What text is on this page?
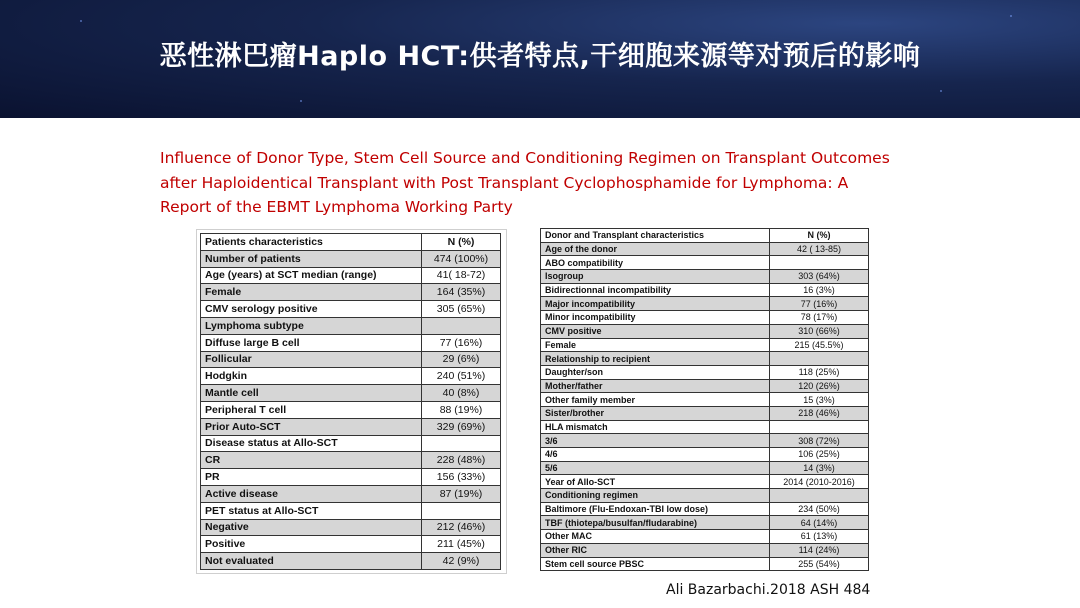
恶性淋巴瘤Haplo HCT:供者特点,干细胞来源等对预后的影响
Influence of Donor Type, Stem Cell Source and Conditioning Regimen on Transplant Outcomes
after Haploidentical Transplant with Post Transplant Cyclophosphamide for Lymphoma: A
Report of the EBMT Lymphoma Working Party
Patients characteristics	N (%)
Number of patients	474 (100%)
Age (years) at SCT median (range)	41( 18-72)
Female	164 (35%)
CMV serology positive	305 (65%)
Lymphoma subtype	
Diffuse large B cell	77 (16%)
Follicular	29 (6%)
Hodgkin	240 (51%)
Mantle cell	40 (8%)
Peripheral T cell	88 (19%)
Prior Auto-SCT	329 (69%)
Disease status at Allo-SCT	
CR	228 (48%)
PR	156 (33%)
Active disease	87 (19%)
PET status at Allo-SCT	
Negative	212 (46%)
Positive	211 (45%)
Not evaluated	42 (9%)
Donor and Transplant characteristics	N (%)
Age of the donor	42 ( 13-85)
ABO compatibility	
Isogroup	303 (64%)
Bidirectionnal incompatibility	16 (3%)
Major incompatibility	77 (16%)
Minor incompatibility	78 (17%)
CMV positive	310 (66%)
Female	215 (45.5%)
Relationship to recipient	
Daughter/son	118 (25%)
Mother/father	120 (26%)
Other family member	15 (3%)
Sister/brother	218 (46%)
HLA mismatch	
3/6	308 (72%)
4/6	106 (25%)
5/6	14 (3%)
Year of Allo-SCT	2014 (2010-2016)
Conditioning regimen	
Baltimore (Flu-Endoxan-TBI low dose)	234 (50%)
TBF (thiotepa/busulfan/fludarabine)	64 (14%)
Other MAC	61 (13%)
Other RIC	114 (24%)
Stem cell source PBSC	255 (54%)
Ali Bazarbachi.2018 ASH 484
